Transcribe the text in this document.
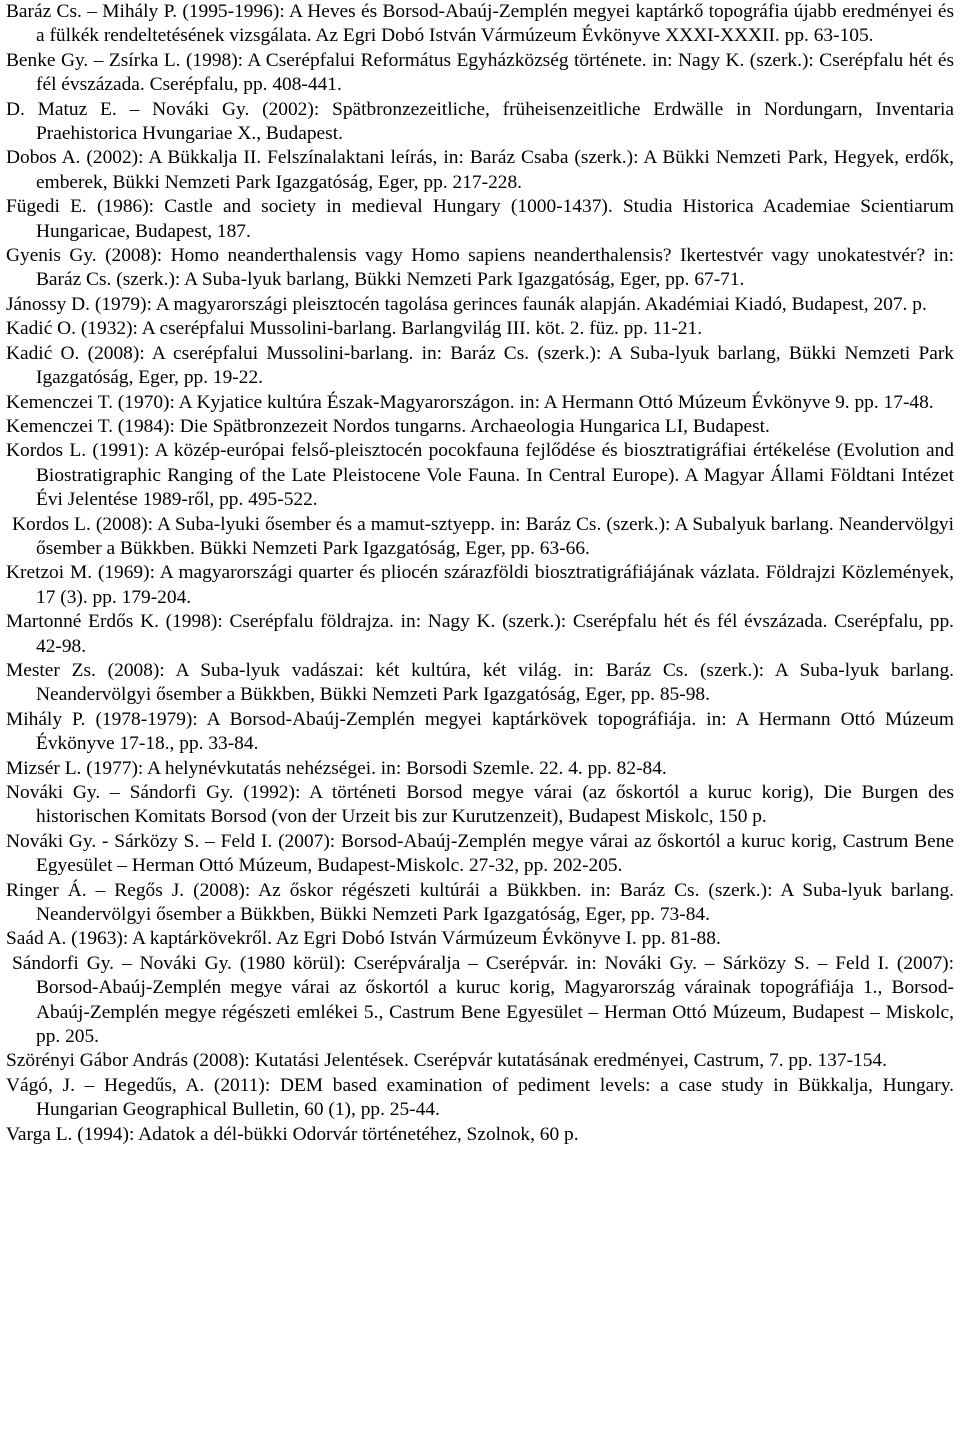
Baráz Cs. – Mihály P. (1995-1996): A Heves és Borsod-Abaúj-Zemplén megyei kaptárkő topográfia újabb eredményei és a fülkék rendeltetésének vizsgálata. Az Egri Dobó István Vármúzeum Évkönyve XXXI-XXXII. pp. 63-105.

Benke Gy. – Zsírka L. (1998): A Cserépfalui Református Egyházközség története. in: Nagy K. (szerk.): Cserépfalu hét és fél évszázada. Cserépfalu, pp. 408-441.

D. Matuz E. – Nováki Gy. (2002): Spätbronzezeitliche, früheisenzeitliche Erdwälle in Nordungarn, Inventaria Praehistorica Hvungariae X., Budapest.

Dobos A. (2002): A Bükkalja II. Felszínalaktani leírás, in: Baráz Csaba (szerk.): A Bükki Nemzeti Park, Hegyek, erdők, emberek, Bükki Nemzeti Park Igazgatóság, Eger, pp. 217-228.

Fügedi E. (1986): Castle and society in medieval Hungary (1000-1437). Studia Historica Academiae Scientiarum Hungaricae, Budapest, 187.

Gyenis Gy. (2008): Homo neanderthalensis vagy Homo sapiens neanderthalensis? Ikertestvér vagy unokatestvér? in: Baráz Cs. (szerk.): A Suba-lyuk barlang, Bükki Nemzeti Park Igazgatóság, Eger, pp. 67-71.

Jánossy D. (1979): A magyarországi pleisztocén tagolása gerinces faunák alapján. Akadémiai Kiadó, Budapest, 207. p.

Kadić O. (1932): A cserépfalui Mussolini-barlang. Barlangvilág III. köt. 2. füz. pp. 11-21.

Kadić O. (2008): A cserépfalui Mussolini-barlang. in: Baráz Cs. (szerk.): A Suba-lyuk barlang, Bükki Nemzeti Park Igazgatóság, Eger, pp. 19-22.

Kemenczei T. (1970): A Kyjatice kultúra Észak-Magyarországon. in: A Hermann Ottó Múzeum Évkönyve 9. pp. 17-48.

Kemenczei T. (1984): Die Spätbronzezeit Nordos tungarns. Archaeologia Hungarica LI, Budapest.

Kordos L. (1991): A közép-európai felső-pleisztocén pocokfauna fejlődése és biosztratigráfiai értékelése (Evolution and Biostratigraphic Ranging of the Late Pleistocene Vole Fauna. In Central Europe). A Magyar Állami Földtani Intézet Évi Jelentése 1989-ről, pp. 495-522.

Kordos L. (2008): A Suba-lyuki ősember és a mamut-sztyepp. in: Baráz Cs. (szerk.): A Subalyuk barlang. Neandervölgyi ősember a Bükkben. Bükki Nemzeti Park Igazgatóság, Eger, pp. 63-66.

Kretzoi M. (1969): A magyarországi quarter és pliocén szárazföldi biosztratigráfiájának vázlata. Földrajzi Közlemények, 17 (3). pp. 179-204.

Martonné Erdős K. (1998): Cserépfalu földrajza. in: Nagy K. (szerk.): Cserépfalu hét és fél évszázada. Cserépfalu, pp. 42-98.

Mester Zs. (2008): A Suba-lyuk vadászai: két kultúra, két világ. in: Baráz Cs. (szerk.): A Suba-lyuk barlang. Neandervölgyi ősember a Bükkben, Bükki Nemzeti Park Igazgatóság, Eger, pp. 85-98.

Mihály P. (1978-1979): A Borsod-Abaúj-Zemplén megyei kaptárkövek topográfiája. in: A Hermann Ottó Múzeum Évkönyve 17-18., pp. 33-84.

Mizsér L. (1977): A helynévkutatás nehézségei. in: Borsodi Szemle. 22. 4. pp. 82-84.

Nováki Gy. – Sándorfi Gy. (1992): A történeti Borsod megye várai (az őskortól a kuruc korig), Die Burgen des historischen Komitats Borsod (von der Urzeit bis zur Kurutzenzeit), Budapest Miskolc, 150 p.

Nováki Gy. - Sárközy S. – Feld I. (2007): Borsod-Abaúj-Zemplén megye várai az őskortól a kuruc korig, Castrum Bene Egyesület – Herman Ottó Múzeum, Budapest-Miskolc. 27-32, pp. 202-205.

Ringer Á. – Regős J. (2008): Az őskor régészeti kultúrái a Bükkben. in: Baráz Cs. (szerk.): A Suba-lyuk barlang. Neandervölgyi ősember a Bükkben, Bükki Nemzeti Park Igazgatóság, Eger, pp. 73-84.

Saád A. (1963): A kaptárkövekről. Az Egri Dobó István Vármúzeum Évkönyve I. pp. 81-88.

Sándorfi Gy. – Nováki Gy. (1980 körül): Cserépváralja – Cserépvár. in: Nováki Gy. – Sárközy S. – Feld I. (2007): Borsod-Abaúj-Zemplén megye várai az őskortól a kuruc korig, Magyarország várainak topográfiája 1., Borsod-Abaúj-Zemplén megye régészeti emlékei 5., Castrum Bene Egyesület – Herman Ottó Múzeum, Budapest – Miskolc, pp. 205.

Szörényi Gábor András (2008): Kutatási Jelentések. Cserépvár kutatásának eredményei, Castrum, 7. pp. 137-154.

Vágó, J. – Hegedűs, A. (2011): DEM based examination of pediment levels: a case study in Bükkalja, Hungary. Hungarian Geographical Bulletin, 60 (1), pp. 25-44.

Varga L. (1994): Adatok a dél-bükki Odorvár történetéhez, Szolnok, 60 p.
